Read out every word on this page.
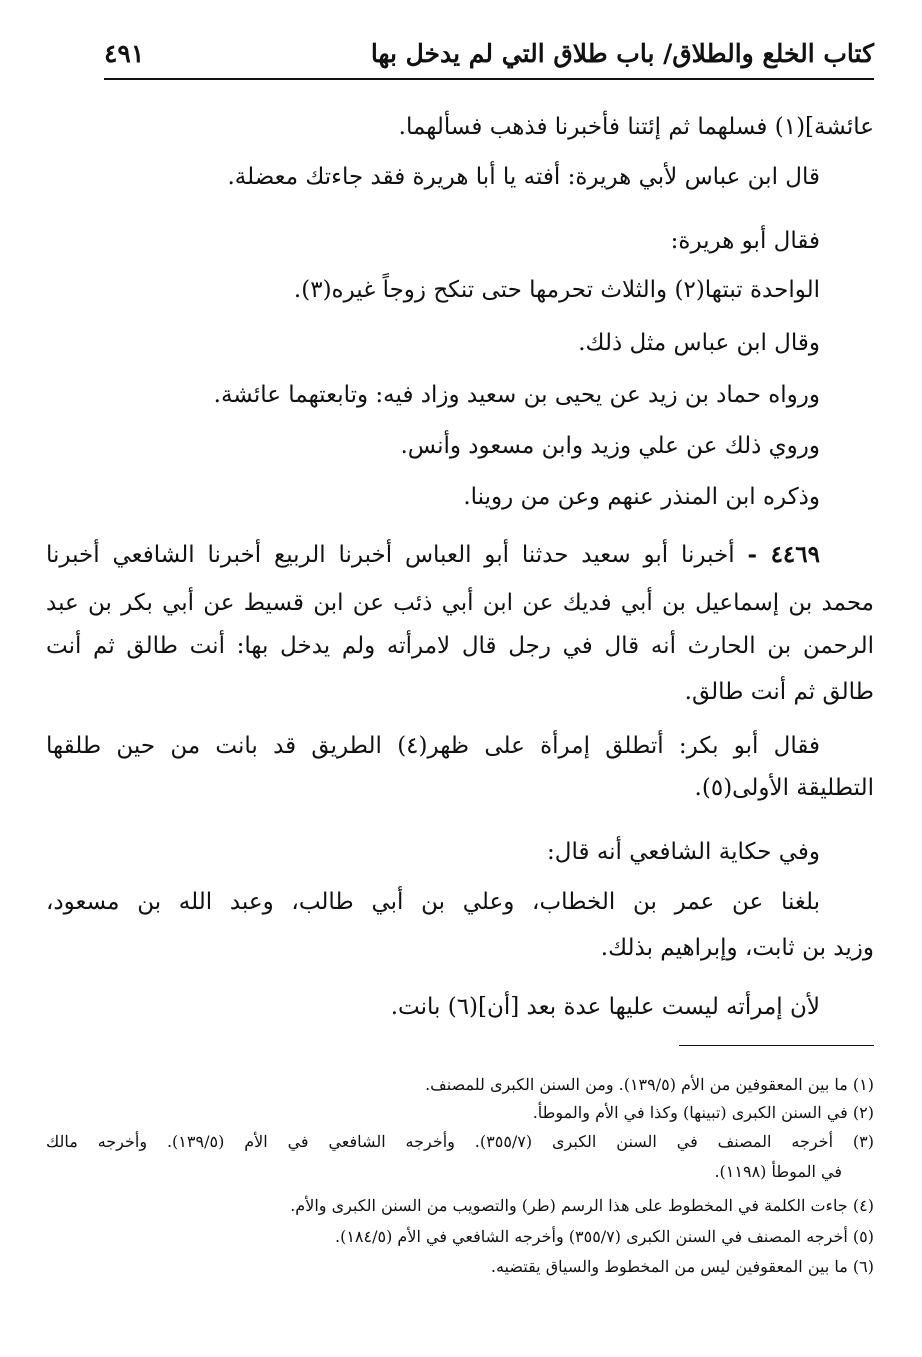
كتاب الخلع والطلاق/ باب طلاق التي لم يدخل بها
٤٩١

عائشة](١) فسلهما ثم إئتنا فأخبرنا فذهب فسألهما.

قال ابن عباس لأبي هريرة: أفته يا أبا هريرة فقد جاءتك معضلة.

فقال أبو هريرة:

الواحدة تبتها(٢) والثلاث تحرمها حتى تنكح زوجاً غيره(٣).

وقال ابن عباس مثل ذلك.

ورواه حماد بن زيد عن يحيى بن سعيد وزاد فيه: وتابعتهما عائشة.

وروي ذلك عن علي وزيد وابن مسعود وأنس.

وذكره ابن المنذر عنهم وعن من روينا.

٤٤٦٩ - أخبرنا أبو سعيد حدثنا أبو العباس أخبرنا الربيع أخبرنا الشافعي أخبرنا

محمد بن إسماعيل بن أبي فديك عن ابن أبي ذئب عن ابن قسيط عن أبي بكر بن عبد

الرحمن بن الحارث أنه قال في رجل قال لامرأته ولم يدخل بها: أنت طالق ثم أنت

طالق ثم أنت طالق.

فقال أبو بكر: أتطلق إمرأة على ظهر(٤) الطريق قد بانت من حين طلقها

التطليقة الأولى(٥).

وفي حكاية الشافعي أنه قال:

بلغنا عن عمر بن الخطاب، وعلي بن أبي طالب، وعبد الله بن مسعود،

وزيد بن ثابت، وإبراهيم بذلك.

لأن إمرأته ليست عليها عدة بعد [أن](٦) بانت.

(١) ما بين المعقوفين من الأم (١٣٩/٥). ومن السنن الكبرى للمصنف.

(٢) في السنن الكبرى (تبينها) وكذا في الأم والموطأ.

(٣) أخرجه المصنف في السنن الكبرى (٣٥٥/٧). وأخرجه الشافعي في الأم (١٣٩/٥). وأخرجه مالك

في الموطأ (١١٩٨).

(٤) جاءت الكلمة في المخطوط على هذا الرسم (طر) والتصويب من السنن الكبرى والأم.

(٥) أخرجه المصنف في السنن الكبرى (٣٥٥/٧) وأخرجه الشافعي في الأم (١٨٤/٥).

(٦) ما بين المعقوفين ليس من المخطوط والسياق يقتضيه.
